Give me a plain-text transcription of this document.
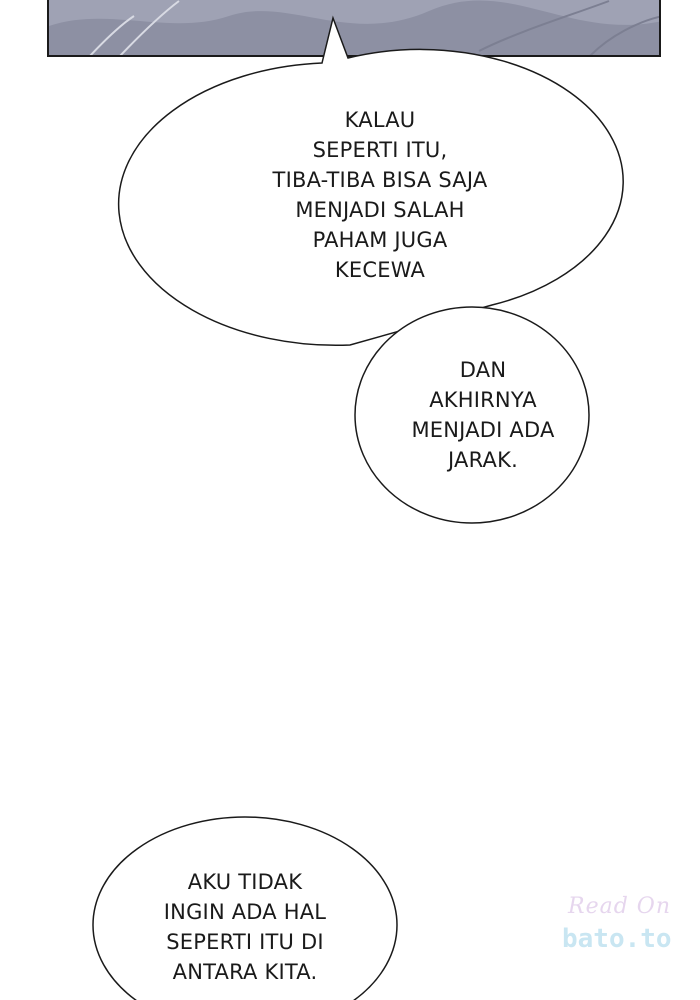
KALAU
SEPERTI ITU,
TIBA-TIBA BISA SAJA
MENJADI SALAH
PAHAM JUGA
KECEWA
DAN
AKHIRNYA
MENJADI ADA
JARAK.
AKU TIDAK
INGIN ADA HAL
SEPERTI ITU DI
ANTARA KITA.
Read On
bato.to
